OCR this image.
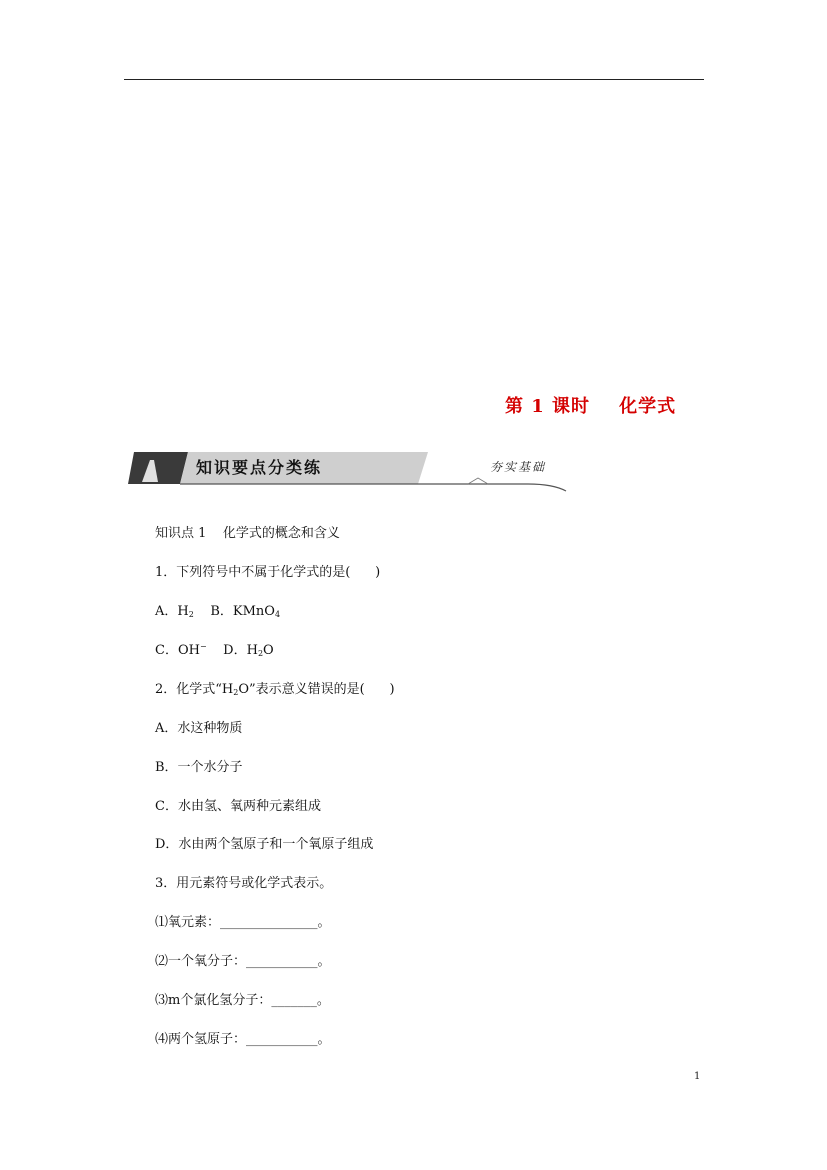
第 1 课时    化学式
知识要点分类练	夯实基础
知识点 1    化学式的概念和含义
1．下列符号中不属于化学式的是(      )
A．$H_2$    B．KMnO$_4$
C．OH−    D．$H_2O$
2．化学式“$H_2O$”表示意义错误的是(      )
A．水这种物质
B．一个水分子
C．水由氢、氧两种元素组成
D．水由两个氢原子和一个氧原子组成
3．用元素符号或化学式表示。
⑴氧元素：_______________。
⑵一个氧分子：___________。
⑶m个氯化氢分子：_______。
⑷两个氢原子：___________。
1
